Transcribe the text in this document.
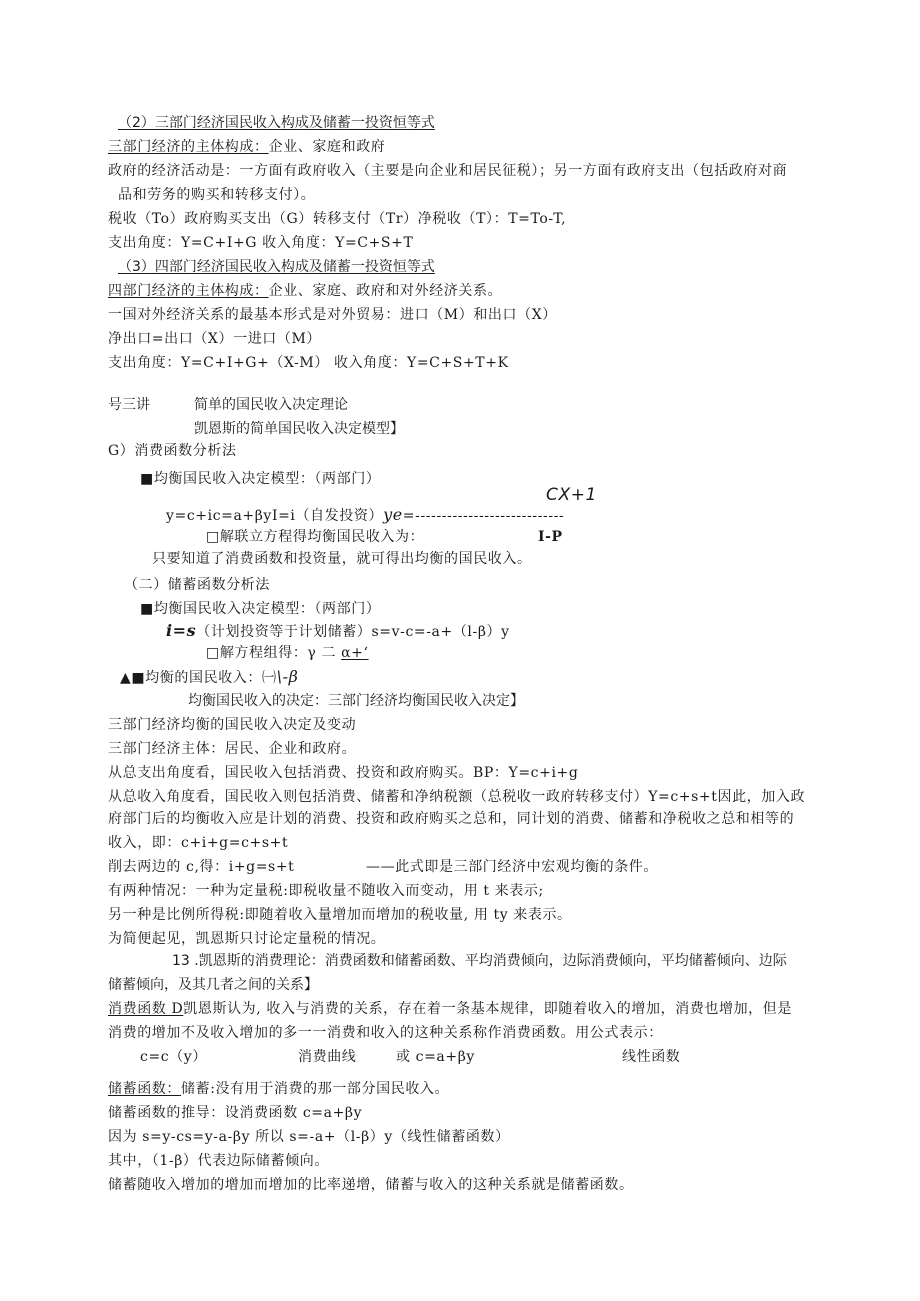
（2）三部门经济国民收入构成及储蓄一投资恒等式
三部门经济的主体构成：企业、家庭和政府
政府的经济活动是：一方面有政府收入（主要是向企业和居民征税）；另一方面有政府支出（包括政府对商
品和劳务的购买和转移支付）。
税收（To）政府购买支出（G）转移支付（Tr）净税收（T）：T=To-T,
支出角度：Y=C+I+G 收入角度：Y=C+S+T
（3）四部门经济国民收入构成及储蓄一投资恒等式
四部门经济的主体构成：企业、家庭、政府和对外经济关系。
一国对外经济关系的最基本形式是对外贸易：进口（M）和出口（X）
净出口=出口（X）一进口（M）
支出角度：Y=C+I+G+（X-M） 收入角度：Y=C+S+T+K
号三讲	简单的国民收入决定理论
凯恩斯的简单国民收入决定模型】
G）消费函数分析法
■均衡国民收入决定模型：（两部门）
CX+1
y=c+ic=a+βyI=i（自发投资）ye=----------------------------
□解联立方程得均衡国民收入为：	I-P
只要知道了消费函数和投资量，就可得出均衡的国民收入。
（二）储蓄函数分析法
■均衡国民收入决定模型：（两部门）
i=s（计划投资等于计划储蓄）s=v-c=-a+（l-β）y
□解方程组得：γ 二 α+‘
▲■均衡的国民收入：㈠\-β
均衡国民收入的决定：三部门经济均衡国民收入决定】
三部门经济均衡的国民收入决定及变动
三部门经济主体：居民、企业和政府。
从总支出角度看，国民收入包括消费、投资和政府购买。BP：Y=c+i+g
从总收入角度看，国民收入则包括消费、储蓄和净纳税额（总税收一政府转移支付）Y=c+s+t因此，加入政
府部门后的均衡收入应是计划的消费、投资和政府购买之总和，同计划的消费、储蓄和净税收之总和相等的
收入，即：c+i+g=c+s+t
削去两边的 c,得：i+g=s+t	——此式即是三部门经济中宏观均衡的条件。
有两种情况：一种为定量税:即税收量不随收入而变动，用 t 来表示;
另一种是比例所得税:即随着收入量增加而增加的税收量, 用 ty 来表示。
为简便起见，凯恩斯只讨论定量税的情况。
13 .凯恩斯的消费理论：消费函数和储蓄函数、平均消费倾向，边际消费倾向，平均储蓄倾向、边际
储蓄倾向，及其几者之间的关系】
消费函数 D凯恩斯认为, 收入与消费的关系，存在着一条基本规律，即随着收入的增加，消费也增加，但是
消费的增加不及收入增加的多一一消费和收入的这种关系称作消费函数。用公式表示：
c=c（y）	消费曲线	或 c=a+βy	线性函数
储蓄函数：储蓄:没有用于消费的那一部分国民收入。
储蓄函数的推导：设消费函数 c=a+βy
因为 s=y-cs=y-a-βy 所以 s=-a+（l-β）y（线性储蓄函数）
其中，（1-β）代表边际储蓄倾向。
储蓄随收入增加的增加而增加的比率递增，储蓄与收入的这种关系就是储蓄函数。
